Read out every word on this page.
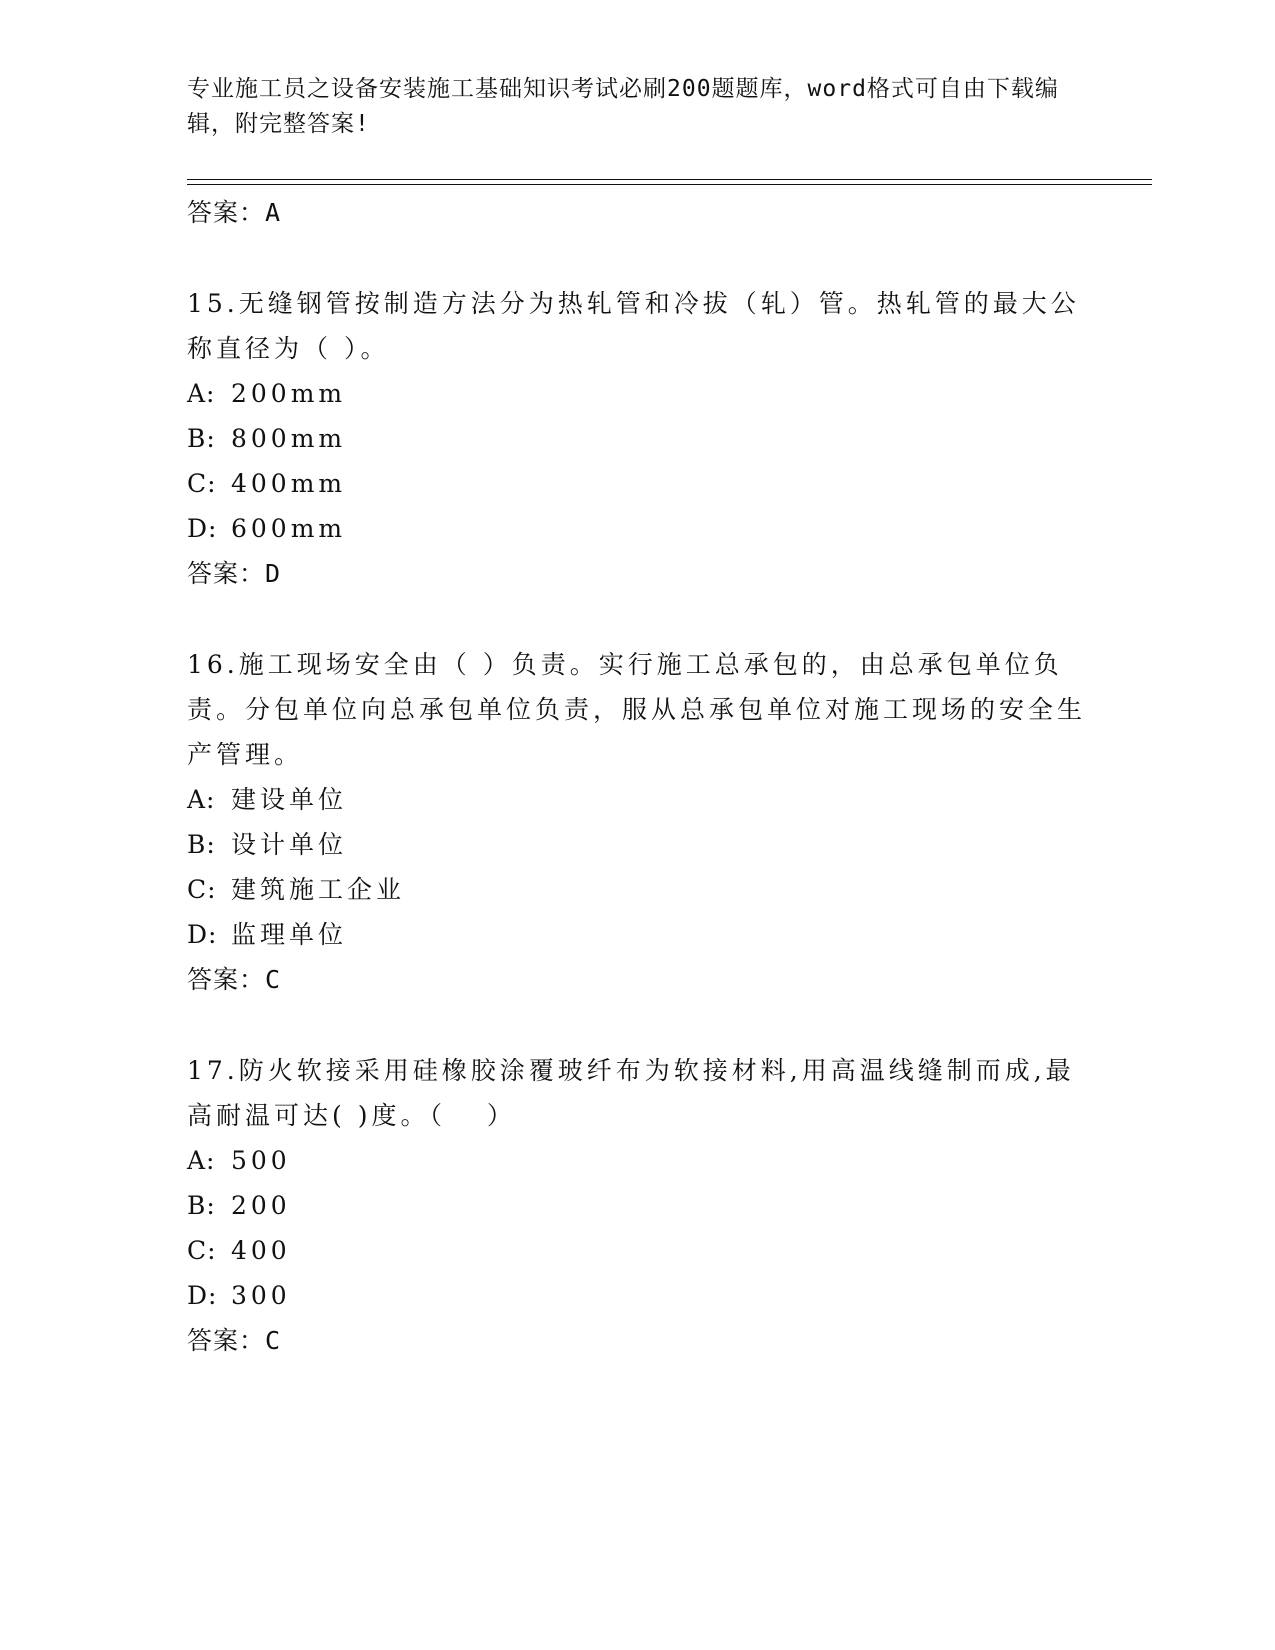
专业施工员之设备安装施工基础知识考试必刷200题题库，word格式可自由下载编辑，附完整答案!
答案：A
15.无缝钢管按制造方法分为热轧管和冷拔（轧）管。热轧管的最大公称直径为（ ）。
A: 200mm
B: 800mm
C: 400mm
D: 600mm
答案：D
16.施工现场安全由（ ）负责。实行施工总承包的，由总承包单位负责。分包单位向总承包单位负责，服从总承包单位对施工现场的安全生产管理。
A: 建设单位
B: 设计单位
C: 建筑施工企业
D: 监理单位
答案：C
17.防火软接采用硅橡胶涂覆玻纤布为软接材料,用高温线缝制而成,最高耐温可达( )度。（　 ）
A: 500
B: 200
C: 400
D: 300
答案：C
